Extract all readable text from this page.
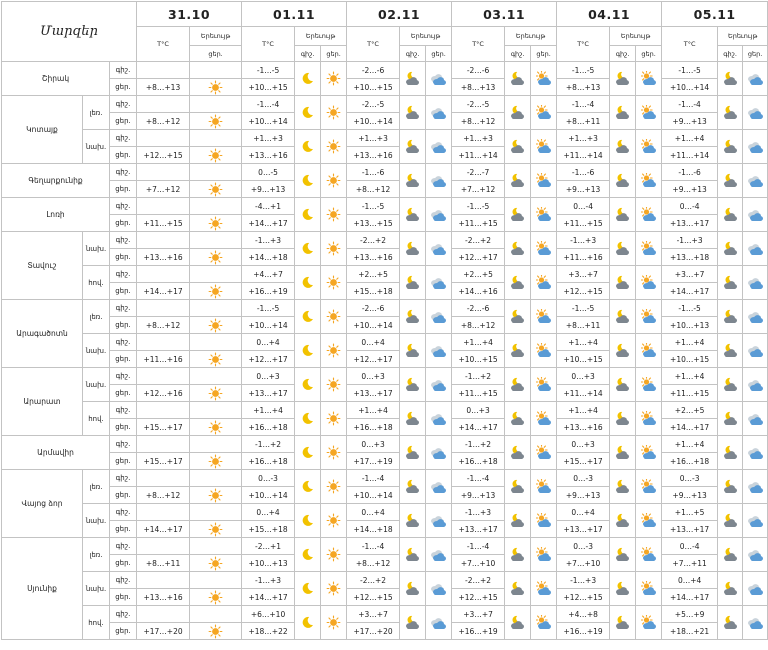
Մարզեր			31.10		01.11			02.11			03.11			04.11			05.11		
			T°C	Երեւույթ	T°C	Երեւույթ		T°C	Երեւույթ		T°C	Երեւույթ		T°C	Երեւույթ		T°C	Երեւույթ	
				ցեր.		գիշ.	ցեր.		գիշ.	ցեր.		գիշ.	ցեր.		գիշ.	ցեր.		գիշ.	ցեր.
Շիրակ		գիշ.			-1…-5			-2…-6			-2…-6			-1…-5			-1…-5	

		ցեր.	+8…+13		+10…+15			+10…+15			+8…+13			+8…+13			+10…+14		
Կոտայք	լեռ.	գիշ.			-1…-4			-2…-5			-2…-5			-1…-4			-1…-4	

		ցեր.	+8…+12		+10…+14			+10…+14			+8…+12			+8…+11			+9…+13		
	նախ.	գիշ.			+1…+3			+1…+3			+1…+3			+1…+3			+1…+4	

		ցեր.	+12…+15		+13…+16			+13…+16			+11…+14			+11…+14			+11…+14		
Գեղարքունիք		գիշ.			0…-5			-1…-6			-2…-7			-1…-6			-1…-6	

		ցեր.	+7…+12		+9…+13			+8…+12			+7…+12			+9…+13			+9…+13		
Լոռի		գիշ.			-4…+1			-1…-5			-1…-5			0…-4			0…-4	

		ցեր.	+11…+15		+14…+17			+13…+15			+11…+15			+11…+15			+13…+17		
Տավուշ	նախ.	գիշ.			-1…+3			-2…+2			-2…+2			-1…+3			-1…+3	

		ցեր.	+13…+16		+14…+18			+13…+16			+12…+17			+11…+16			+13…+18		
	հով.	գիշ.			+4…+7			+2…+5			+2…+5			+3…+7			+3…+7	

		ցեր.	+14…+17		+16…+19			+15…+18			+14…+16			+12…+15			+14…+17		
Արագածոտն	լեռ.	գիշ.			-1…-5			-2…-6			-2…-6			-1…-5			-1…-5	

		ցեր.	+8…+12		+10…+14			+10…+14			+8…+12			+8…+11			+10…+13		
	նախ.	գիշ.			0…+4			0…+4			+1…+4			+1…+4			+1…+4	

		ցեր.	+11…+16		+12…+17			+12…+17			+10…+15			+10…+15			+10…+15		
Արարատ	նախ.	գիշ.			0…+3			0…+3			-1…+2			0…+3			+1…+4	

		ցեր.	+12…+16		+13…+17			+13…+17			+11…+15			+11…+14			+11…+15		
	հով.	գիշ.			+1…+4			+1…+4			0…+3			+1…+4			+2…+5	

		ցեր.	+15…+17		+16…+18			+16…+18			+14…+17			+13…+16			+14…+17		
Արմավիր		գիշ.			-1…+2			0…+3			-1…+2			0…+3			+1…+4	

		ցեր.	+15…+17		+16…+18			+17…+19			+16…+18			+15…+17			+16…+18		
Վայոց ձոր	լեռ.	գիշ.			0…-3			-1…-4			-1…-4			0…-3			0…-3	

		ցեր.	+8…+12		+10…+14			+10…+14			+9…+13			+9…+13			+9…+13		
	նախ.	գիշ.			0…+4			0…+4			-1…+3			0…+4			+1…+5	

		ցեր.	+14…+17		+15…+18			+14…+18			+13…+17			+13…+17			+13…+17		
Սյունիք	լեռ.	գիշ.			-2…+1			-1…-4			-1…-4			0…-3			0…-4	

		ցեր.	+8…+11		+10…+13			+8…+12			+7…+10			+7…+10			+7…+11		
	նախ.	գիշ.			-1…+3			-2…+2			-2…+2			-1…+3			0…+4	

		ցեր.	+13…+16		+14…+17			+12…+15			+12…+15			+12…+15			+14…+17		
	հով.	գիշ.			+6…+10			+3…+7			+3…+7			+4…+8			+5…+9	

		ցեր.	+17…+20		+18…+22			+17…+20			+16…+19			+16…+19			+18…+21		
